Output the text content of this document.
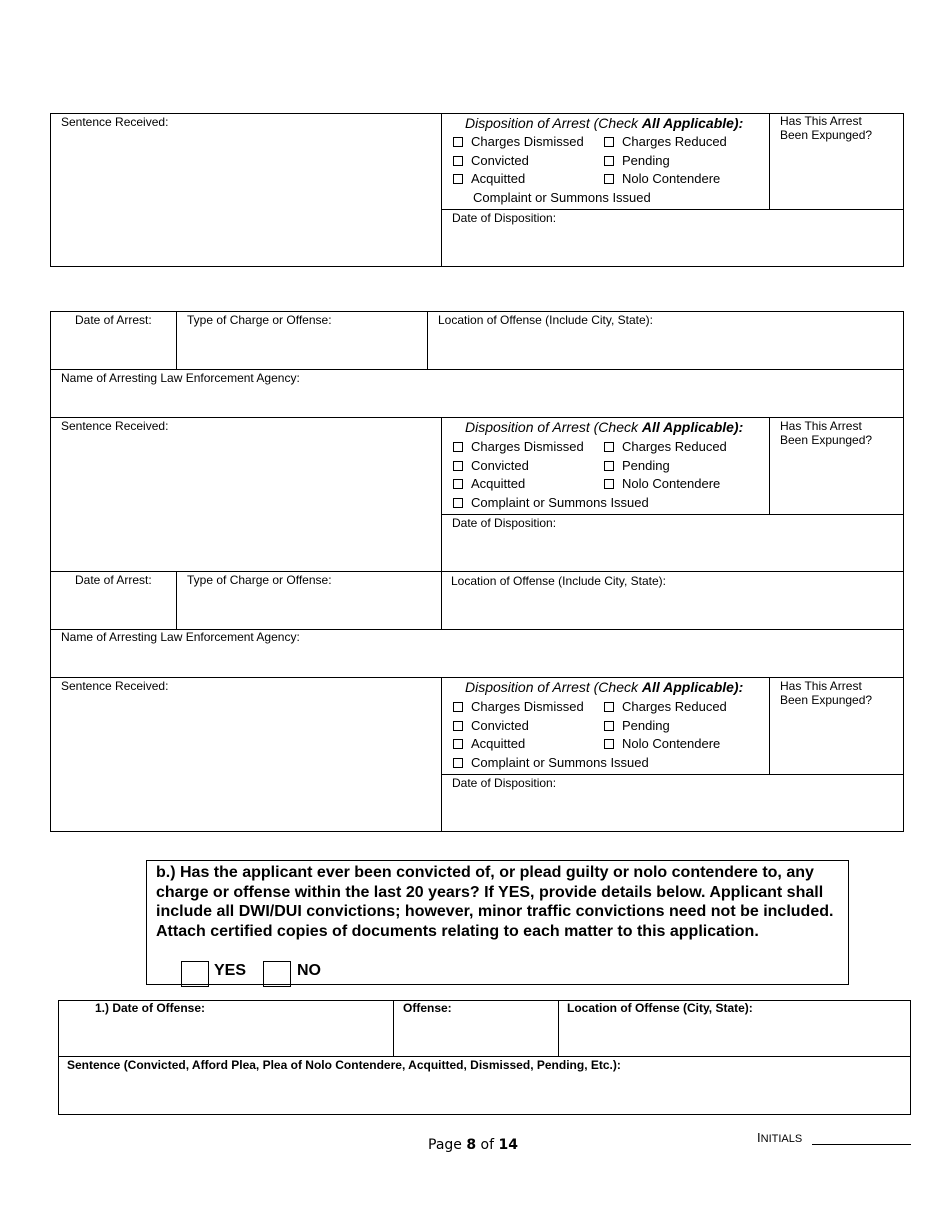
Sentence Received:	Disposition of Arrest (Check All Applicable):	Has This Arrest
Been Expunged?
Charges Dismissed	Charges Reduced
Convicted	Pending
Acquitted	Nolo Contendere
Complaint or Summons Issued
Date of Disposition:
Date of Arrest:	Type of Charge or Offense:	Location of Offense (Include City, State):
Name of Arresting Law Enforcement Agency:
Sentence Received:	Disposition of Arrest (Check All Applicable):	Has This Arrest
Been Expunged?
Charges Dismissed	Charges Reduced
Convicted	Pending
Acquitted	Nolo Contendere
Complaint or Summons Issued
Date of Disposition:
Date of Arrest:	Type of Charge or Offense:	Location of Offense (Include City, State):
Name of Arresting Law Enforcement Agency:
Sentence Received:	Disposition of Arrest (Check All Applicable):	Has This Arrest
Been Expunged?
Charges Dismissed	Charges Reduced
Convicted	Pending
Acquitted	Nolo Contendere
Complaint or Summons Issued
Date of Disposition:
b.) Has the applicant ever been convicted of, or plead guilty or nolo contendere to, any charge or offense within the last 20 years? If YES, provide details below. Applicant shall include all DWI/DUI convictions; however, minor traffic convictions need not be included. Attach certified copies of documents relating to each matter to this application.
YES	NO
1.) Date of Offense:	Offense:	Location of Offense (City, State):
Sentence (Convicted, Afford Plea, Plea of Nolo Contendere, Acquitted, Dismissed, Pending, Etc.):
Page 8 of 14	INITIALS
